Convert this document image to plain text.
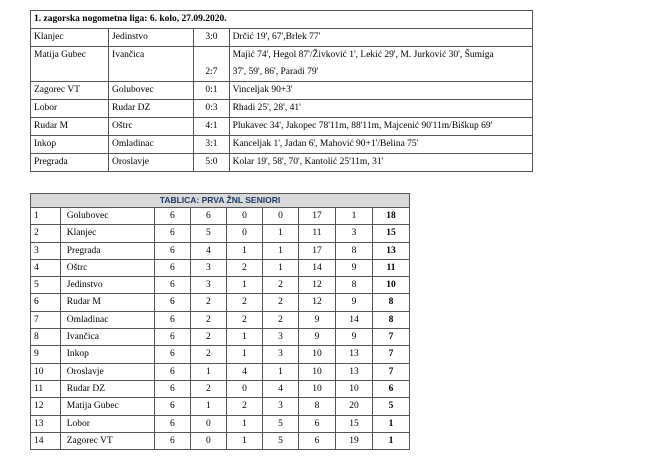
1. zagorska nogometna liga: 6. kolo, 27.09.2020.			
Klanjec	Jedinstvo	3:0	Drčić 19', 67',Brlek 77'

Matija Gubec	Ivančica	2:7	Majić 74', Hegol 87'/Živković 1', Lekić 29', M. Jurković 30', Šumiga
37', 59', 86', Paradi 79'

Zagorec VT	Golubovec	0:1	Vinceljak 90+3'

Lobor	Rudar DZ	0:3	Rhadi 25', 28', 41'

Rudar M	Oštrc	4:1	Plukavec 34', Jakopec 78'11m, 88'11m, Majcenić 90'11m/Biškup 69'

Inkop	Omladinac	3:1	Kanceljak 1', Jadan 6', Mahović 90+1'/Belina 75'

Pregrada	Oroslavje	5:0	Kolar 19', 58', 70', Kantolić 25'11m, 31'
TABLICA: PRVA ŽNL SENIORI								
1	Golubovec	6	6	0	0	17	1	18
2	Klanjec	6	5	0	1	11	3	15
3	Pregrada	6	4	1	1	17	8	13
4	Oštrc	6	3	2	1	14	9	11
5	Jedinstvo	6	3	1	2	12	8	10
6	Rudar M	6	2	2	2	12	9	8
7	Omladinac	6	2	2	2	9	14	8
8	Ivančica	6	2	1	3	9	9	7
9	Inkop	6	2	1	3	10	13	7
10	Oroslavje	6	1	4	1	10	13	7
11	Rudar DZ	6	2	0	4	10	10	6
12	Matija Gubec	6	1	2	3	8	20	5
13	Lobor	6	0	1	5	6	15	1
14	Zagorec VT	6	0	1	5	6	19	1
